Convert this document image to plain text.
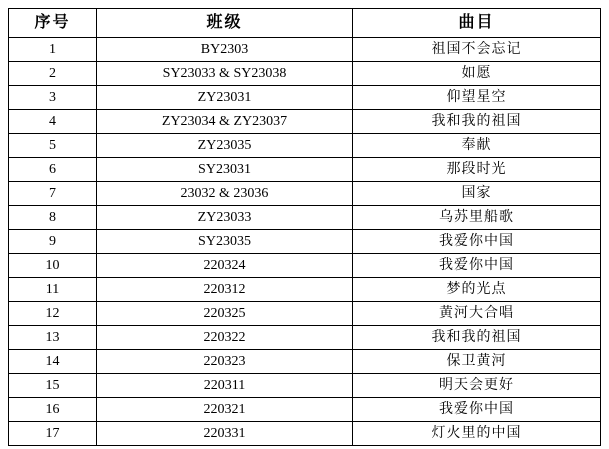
序号	班级	曲目
1	BY2303	祖国不会忘记
2	SY23033 & SY23038	如愿
3	ZY23031	仰望星空
4	ZY23034 & ZY23037	我和我的祖国
5	ZY23035	奉献
6	SY23031	那段时光
7	23032 & 23036	国家
8	ZY23033	乌苏里船歌
9	SY23035	我爱你中国
10	220324	我爱你中国
11	220312	梦的光点
12	220325	黄河大合唱
13	220322	我和我的祖国
14	220323	保卫黄河
15	220311	明天会更好
16	220321	我爱你中国
17	220331	灯火里的中国
